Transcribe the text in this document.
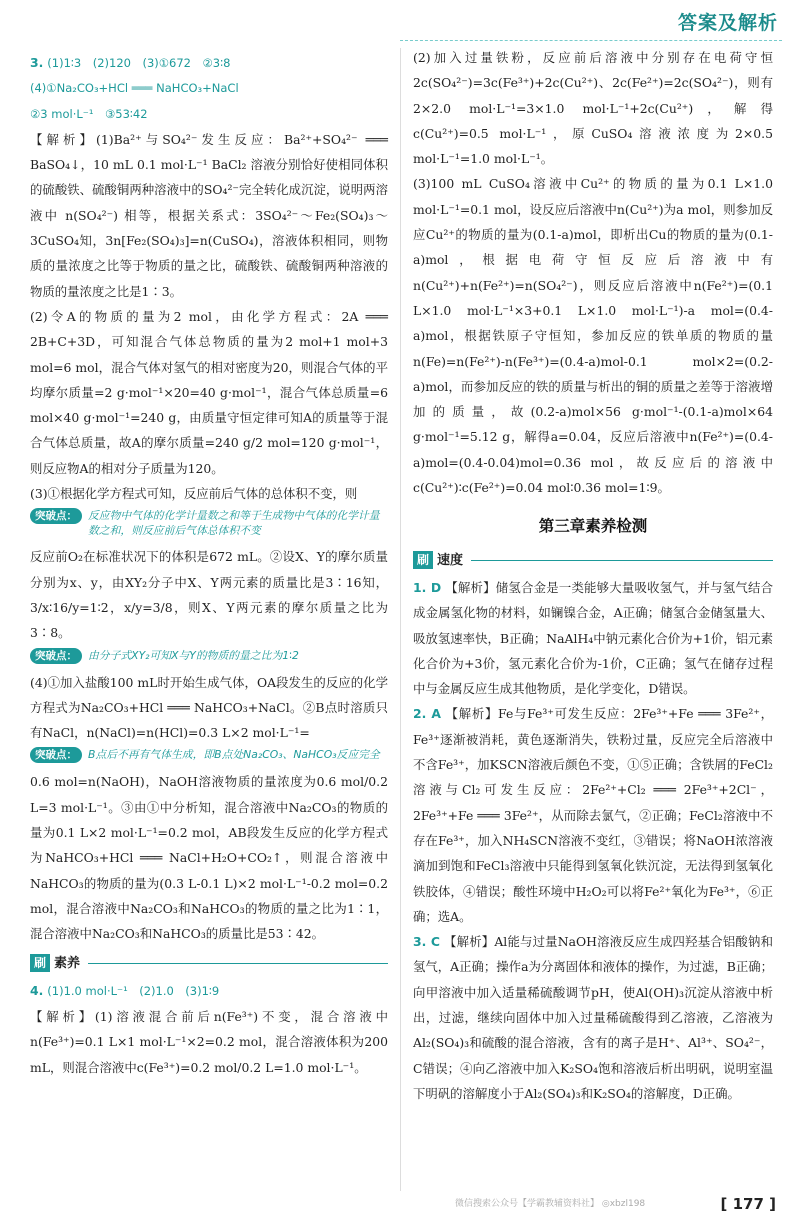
答案及解析

3. (1)1∶3　(2)120　(3)①672　②3∶8

(4)①Na₂CO₃+HCl ═══ NaHCO₃+NaCl

②3 mol·L⁻¹　③53∶42

【解析】(1)Ba²⁺与SO₄²⁻发生反应：Ba²⁺+SO₄²⁻ ═══ BaSO₄↓，10 mL 0.1 mol·L⁻¹ BaCl₂ 溶液分别恰好使相同体积的硫酸铁、硫酸铜两种溶液中的SO₄²⁻完全转化成沉淀，说明两溶液中 n(SO₄²⁻) 相等，根据关系式：3SO₄²⁻～Fe₂(SO₄)₃～3CuSO₄知，3n[Fe₂(SO₄)₃]=n(CuSO₄)，溶液体积相同，则物质的量浓度之比等于物质的量之比，硫酸铁、硫酸铜两种溶液的物质的量浓度之比是1∶3。

(2)令A的物质的量为2 mol，由化学方程式：2A ═══ 2B+C+3D，可知混合气体总物质的量为2 mol+1 mol+3 mol=6 mol，混合气体对氢气的相对密度为20，则混合气体的平均摩尔质量=2 g·mol⁻¹×20=40 g·mol⁻¹，混合气体总质量=6 mol×40 g·mol⁻¹=240 g，由质量守恒定律可知A的质量等于混合气体总质量，故A的摩尔质量=240 g/2 mol=120 g·mol⁻¹，则反应物A的相对分子质量为120。

(3)①根据化学方程式可知，反应前后气体的总体积不变，则

突破点：	反应物中气体的化学计量数之和等于生成物中气体的化学计量数之和，则反应前后气体总体积不变

反应前O₂在标准状况下的体积是672 mL。②设X、Y的摩尔质量分别为x、y，由XY₂分子中X、Y两元素的质量比是3∶16知，3/x∶16/y=1∶2，x/y=3/8，则X、Y两元素的摩尔质量之比为3∶8。

突破点：	由分子式XY₂可知X与Y的物质的量之比为1∶2

(4)①加入盐酸100 mL时开始生成气体，OA段发生的反应的化学方程式为Na₂CO₃+HCl ═══ NaHCO₃+NaCl。②B点时溶质只有NaCl，n(NaCl)=n(HCl)=0.3 L×2 mol·L⁻¹=

突破点：	B点后不再有气体生成，即B点处Na₂CO₃、NaHCO₃反应完全

0.6 mol=n(NaOH)，NaOH溶液物质的量浓度为0.6 mol/0.2 L=3 mol·L⁻¹。③由①中分析知，混合溶液中Na₂CO₃的物质的量为0.1 L×2 mol·L⁻¹=0.2 mol，AB段发生反应的化学方程式为NaHCO₃+HCl ═══ NaCl+H₂O+CO₂↑，则混合溶液中NaHCO₃的物质的量为(0.3 L-0.1 L)×2 mol·L⁻¹-0.2 mol=0.2 mol，混合溶液中Na₂CO₃和NaHCO₃的物质的量之比为1∶1，混合溶液中Na₂CO₃和NaHCO₃的质量比是53∶42。

刷 素养

4. (1)1.0 mol·L⁻¹　(2)1.0　(3)1∶9

【解析】(1)溶液混合前后n(Fe³⁺)不变，混合溶液中n(Fe³⁺)=0.1 L×1 mol·L⁻¹×2=0.2 mol，混合溶液体积为200 mL，则混合溶液中c(Fe³⁺)=0.2 mol/0.2 L=1.0 mol·L⁻¹。

(2)加入过量铁粉，反应前后溶液中分别存在电荷守恒2c(SO₄²⁻)=3c(Fe³⁺)+2c(Cu²⁺)、2c(Fe²⁺)=2c(SO₄²⁻)，则有2×2.0 mol·L⁻¹=3×1.0 mol·L⁻¹+2c(Cu²⁺)，解得c(Cu²⁺)=0.5 mol·L⁻¹，原CuSO₄溶液浓度为2×0.5 mol·L⁻¹=1.0 mol·L⁻¹。

(3)100 mL CuSO₄溶液中Cu²⁺的物质的量为0.1 L×1.0 mol·L⁻¹=0.1 mol，设反应后溶液中n(Cu²⁺)为a mol，则参加反应Cu²⁺的物质的量为(0.1-a)mol，即析出Cu的物质的量为(0.1-a)mol，根据电荷守恒反应后溶液中有n(Cu²⁺)+n(Fe²⁺)=n(SO₄²⁻)，则反应后溶液中n(Fe²⁺)=(0.1 L×1.0 mol·L⁻¹×3+0.1 L×1.0 mol·L⁻¹)-a mol=(0.4-a)mol，根据铁原子守恒知，参加反应的铁单质的物质的量n(Fe)=n(Fe²⁺)-n(Fe³⁺)=(0.4-a)mol-0.1 mol×2=(0.2-a)mol，而参加反应的铁的质量与析出的铜的质量之差等于溶液增加的质量，故(0.2-a)mol×56 g·mol⁻¹-(0.1-a)mol×64 g·mol⁻¹=5.12 g，解得a=0.04，反应后溶液中n(Fe²⁺)=(0.4-a)mol=(0.4-0.04)mol=0.36 mol，故反应后的溶液中c(Cu²⁺)∶c(Fe²⁺)=0.04 mol∶0.36 mol=1∶9。

第三章素养检测
刷 速度

1. D 【解析】储氢合金是一类能够大量吸收氢气，并与氢气结合成金属氢化物的材料，如镧镍合金，A正确；储氢合金储氢量大、吸放氢速率快，B正确；NaAlH₄中钠元素化合价为+1价，铝元素化合价为+3价，氢元素化合价为-1价，C正确；氢气在储存过程中与金属反应生成其他物质，是化学变化，D错误。

2. A 【解析】Fe与Fe³⁺可发生反应：2Fe³⁺+Fe ═══ 3Fe²⁺，Fe³⁺逐渐被消耗，黄色逐渐消失，铁粉过量，反应完全后溶液中不含Fe³⁺，加KSCN溶液后颜色不变，①⑤正确；含铁屑的FeCl₂溶液与Cl₂可发生反应：2Fe²⁺+Cl₂ ═══ 2Fe³⁺+2Cl⁻，2Fe³⁺+Fe ═══ 3Fe²⁺，从而除去氯气，②正确；FeCl₂溶液中不存在Fe³⁺，加入NH₄SCN溶液不变红，③错误；将NaOH浓溶液滴加到饱和FeCl₃溶液中只能得到氢氧化铁沉淀，无法得到氢氧化铁胶体，④错误；酸性环境中H₂O₂可以将Fe²⁺氧化为Fe³⁺，⑥正确；选A。

3. C 【解析】Al能与过量NaOH溶液反应生成四羟基合铝酸钠和氢气，A正确；操作a为分离固体和液体的操作，为过滤，B正确；向甲溶液中加入适量稀硫酸调节pH，使Al(OH)₃沉淀从溶液中析出，过滤，继续向固体中加入过量稀硫酸得到乙溶液，乙溶液为Al₂(SO₄)₃和硫酸的混合溶液，含有的离子是H⁺、Al³⁺、SO₄²⁻，C错误；④向乙溶液中加入K₂SO₄饱和溶液后析出明矾，说明室温下明矾的溶解度小于Al₂(SO₄)₃和K₂SO₄的溶解度，D正确。

微信搜索公众号【学霸教辅资料社】 ◎xbzl198	[ 177 ]
